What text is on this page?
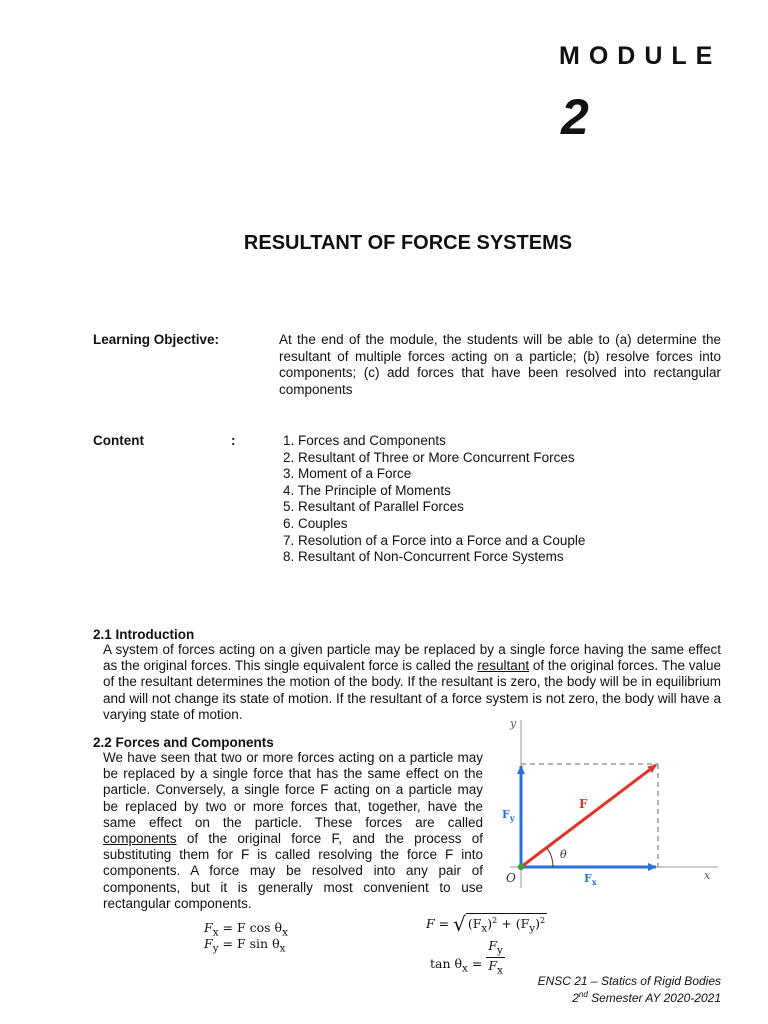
MODULE
2
RESULTANT OF FORCE SYSTEMS
Learning Objective:	At the end of the module, the students will be able to (a) determine the resultant of multiple forces acting on a particle; (b) resolve forces into components; (c) add forces that have been resolved into rectangular components
Content	:	1. Forces and Components
2. Resultant of Three or More Concurrent Forces
3. Moment of a Force
4. The Principle of Moments
5. Resultant of Parallel Forces
6. Couples
7. Resolution of a Force into a Force and a Couple
8. Resultant of Non-Concurrent Force Systems
2.1 Introduction

A system of forces acting on a given particle may be replaced by a single force having the same effect as the original forces. This single equivalent force is called the resultant of the original forces. The value of the resultant determines the motion of the body. If the resultant is zero, the body will be in equilibrium and will not change its state of motion. If the resultant of a force system is not zero, the body will have a varying state of motion.

2.2 Forces and Components

We have seen that two or more forces acting on a particle may be replaced by a single force that has the same effect on the particle. Conversely, a single force F acting on a particle may be replaced by two or more forces that, together, have the same effect on the particle. These forces are called components of the original force F, and the process of substituting them for F is called resolving the force F into components. A force may be resolved into any pair of components, but it is generally most convenient to use rectangular components.

y
x
O
F
$F_y$
$F_x$
θ
$F_x = F$ $\cos \theta_x$
$F_y = F$ $\sin \theta_x$
F = √ $(F_x)^2 + (F_y)^2$
$\tan \theta_x = \frac{F_y}{F_x}$
ENSC 21 – Statics of Rigid Bodies
2nd Semester AY 2020-2021
